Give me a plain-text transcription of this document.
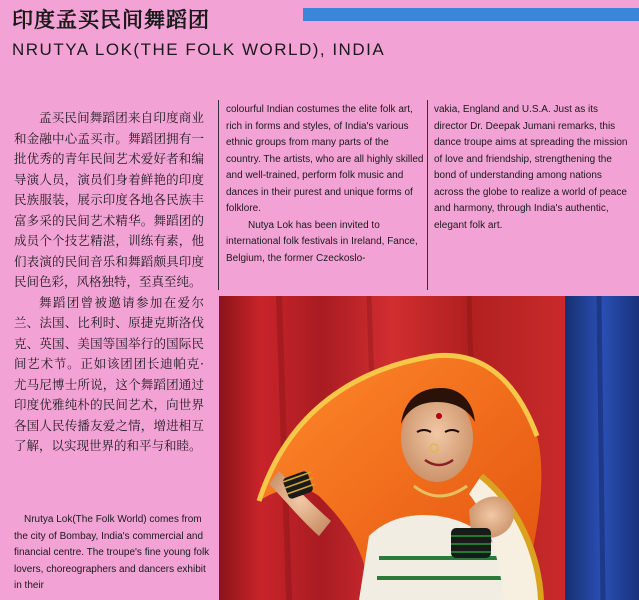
印度孟买民间舞蹈团
NRUTYA LOK(THE FOLK WORLD), INDIA

孟买民间舞蹈团来自印度商业和金融中心孟买市。舞蹈团拥有一批优秀的青年民间艺术爱好者和编导演人员，演员们身着鲜艳的印度民族服装，展示印度各地各民族丰富多采的民间艺术精华。舞蹈团的成员个个技艺精湛，训练有素，他们表演的民间音乐和舞蹈颇具印度民间色彩，风格独特，至真至纯。

舞蹈团曾被邀请参加在爱尔兰、法国、比利时、原捷克斯洛伐克、英国、美国等国举行的国际民间艺术节。正如该团团长迪帕克·尤马尼博士所说，这个舞蹈团通过印度优雅纯朴的民间艺术，向世界各国人民传播友爱之情，增进相互了解，以实现世界的和平与和睦。

Nrutya Lok(The Folk World) comes from the city of Bombay, India's commercial and financial centre. The troupe's fine young folk lovers, choreographers and dancers exhibit in their

colourful Indian costumes the elite folk art, rich in forms and styles, of India's various ethnic groups from many parts of the country. The artists, who are all highly skilled and well-trained, perform folk music and dances in their purest and unique forms of folklore.

Nutya Lok has been invited to international folk festivals in Ireland, Fance, Belgium, the former Czeckoslo-

vakia, England and U.S.A. Just as its director Dr. Deepak Jumani remarks, this dance troupe aims at spreading the mission of love and friendship, strengthening the bond of understanding among nations across the globe to realize a world of peace and harmony, through India's authentic, elegant folk art.
